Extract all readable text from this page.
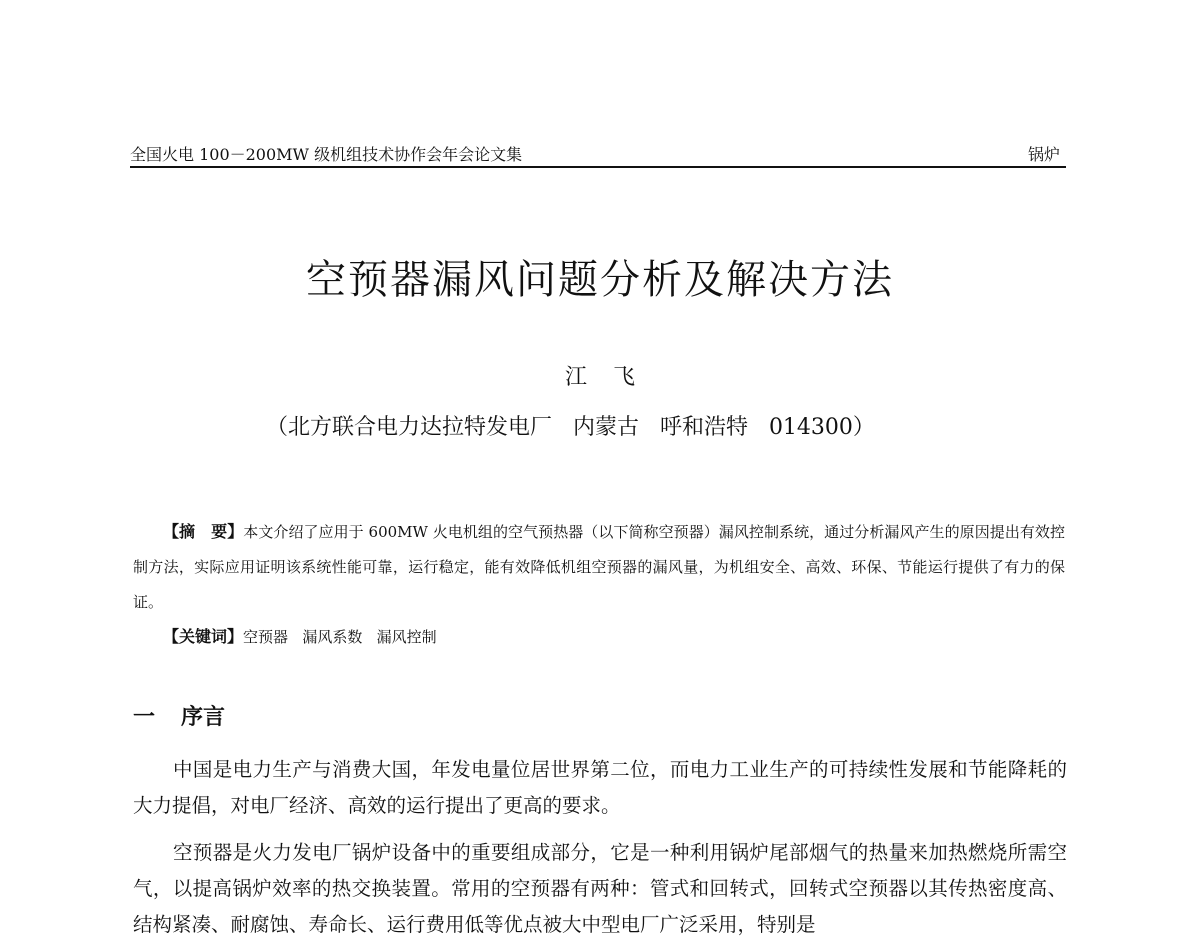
全国火电 100－200MW 级机组技术协作会年会论文集	锅炉
空预器漏风问题分析及解决方法
江飞
（北方联合电力达拉特发电厂   内蒙古   呼和浩特   014300）
【摘　要】本文介绍了应用于 600MW 火电机组的空气预热器（以下简称空预器）漏风控制系统，通过分析漏风产生的原因提出有效控制方法，实际应用证明该系统性能可靠，运行稳定，能有效降低机组空预器的漏风量，为机组安全、高效、环保、节能运行提供了有力的保证。
【关键词】空预器   漏风系数   漏风控制
一 序言
中国是电力生产与消费大国，年发电量位居世界第二位，而电力工业生产的可持续性发展和节能降耗的大力提倡，对电厂经济、高效的运行提出了更高的要求。
空预器是火力发电厂锅炉设备中的重要组成部分，它是一种利用锅炉尾部烟气的热量来加热燃烧所需空气，以提高锅炉效率的热交换装置。常用的空预器有两种：管式和回转式，回转式空预器以其传热密度高、结构紧凑、耐腐蚀、寿命长、运行费用低等优点被大中型电厂广泛采用，特别是
